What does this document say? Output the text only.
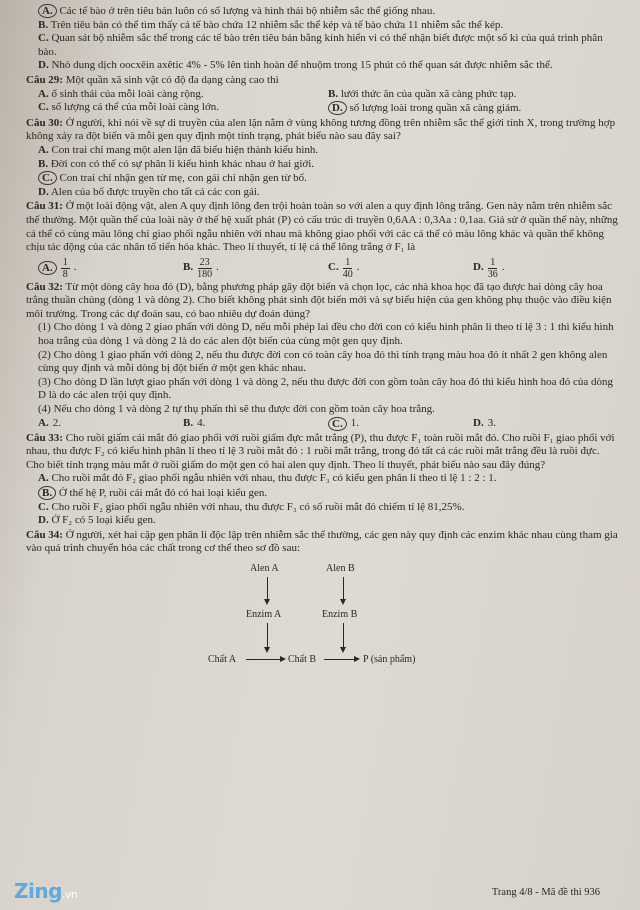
A. Các tế bào ở trên tiêu bản luôn có số lượng và hình thái bộ nhiễm sắc thể giống nhau.

B. Trên tiêu bản có thể tìm thấy cả tế bào chứa 12 nhiễm sắc thể kép và tế bào chứa 11 nhiễm sắc thể kép.

C. Quan sát bộ nhiễm sắc thể trong các tế bào trên tiêu bản bằng kính hiển vi có thể nhận biết được một số kì của quá trình phân bào.

D. Nhỏ dung dịch oocxêin axêtic 4% - 5% lên tinh hoàn để nhuộm trong 15 phút có thể quan sát được nhiễm sắc thể.

Câu 29: Một quần xã sinh vật có độ đa dạng càng cao thì

A. ổ sinh thái của mỗi loài càng rộng.	B. lưới thức ăn của quần xã càng phức tạp.
C. số lượng cá thể của mỗi loài càng lớn.	D. số lượng loài trong quần xã càng giảm.

Câu 30: Ở người, khi nói về sự di truyền của alen lặn nằm ở vùng không tương đồng trên nhiễm sắc thể giới tính X, trong trường hợp không xảy ra đột biến và mỗi gen quy định một tính trạng, phát biểu nào sau đây sai?

A. Con trai chỉ mang một alen lặn đã biểu hiện thành kiểu hình.

B. Đời con có thể có sự phân li kiểu hình khác nhau ở hai giới.

C. Con trai chỉ nhận gen từ mẹ, con gái chỉ nhận gen từ bố.

D. Alen của bố được truyền cho tất cả các con gái.

Câu 31: Ở một loài động vật, alen A quy định lông đen trội hoàn toàn so với alen a quy định lông trắng. Gen này nằm trên nhiễm sắc thể thường. Một quần thể của loài này ở thế hệ xuất phát (P) có cấu trúc di truyền 0,6AA : 0,3Aa : 0,1aa. Giả sử ở quần thể này, những cá thể có cùng màu lông chỉ giao phối ngẫu nhiên với nhau mà không giao phối với các cá thể có màu lông khác và quần thể không chịu tác động của các nhân tố tiến hóa khác. Theo lí thuyết, tỉ lệ cá thể lông trắng ở F₁ là

A. $\frac{1}{8}$ .	B. $\frac{23}{180}$ .	C. $\frac{1}{40}$ .	D. $\frac{1}{36}$ .

Câu 32: Từ một dòng cây hoa đỏ (D), bằng phương pháp gây đột biến và chọn lọc, các nhà khoa học đã tạo được hai dòng cây hoa trắng thuần chủng (dòng 1 và dòng 2). Cho biết không phát sinh đột biến mới và sự biểu hiện của gen không phụ thuộc vào điều kiện môi trường. Trong các dự đoán sau, có bao nhiêu dự đoán đúng?

(1) Cho dòng 1 và dòng 2 giao phấn với dòng D, nếu mỗi phép lai đều cho đời con có kiểu hình phân li theo tỉ lệ 3 : 1 thì kiểu hình hoa trắng của dòng 1 và dòng 2 là do các alen đột biến của cùng một gen quy định.

(2) Cho dòng 1 giao phấn với dòng 2, nếu thu được đời con có toàn cây hoa đỏ thì tính trạng màu hoa đỏ ít nhất 2 gen không alen cùng quy định và mỗi dòng bị đột biến ở một gen khác nhau.

(3) Cho dòng D lần lượt giao phấn với dòng 1 và dòng 2, nếu thu được đời con gồm toàn cây hoa đỏ thì kiểu hình hoa đỏ của dòng D là do các alen trội quy định.

(4) Nếu cho dòng 1 và dòng 2 tự thụ phấn thì sẽ thu được đời con gồm toàn cây hoa trắng.

A. 2.	B. 4.	C. 1.	D. 3.

Câu 33: Cho ruồi giấm cái mắt đỏ giao phối với ruồi giấm đực mắt trắng (P), thu được F₁ toàn ruồi mắt đỏ. Cho ruồi F₁ giao phối với nhau, thu được F₂ có kiểu hình phân li theo tỉ lệ 3 ruồi mắt đỏ : 1 ruồi mắt trắng, trong đó tất cả các ruồi mắt trắng đều là ruồi đực. Cho biết tính trạng màu mắt ở ruồi giấm do một gen có hai alen quy định. Theo lí thuyết, phát biểu nào sau đây đúng?

A. Cho ruồi mắt đỏ F₂ giao phối ngẫu nhiên với nhau, thu được F₃ có kiểu gen phân li theo tỉ lệ 1 : 2 : 1.

B. Ở thế hệ P, ruồi cái mắt đỏ có hai loại kiểu gen.

C. Cho ruồi F₂ giao phối ngẫu nhiên với nhau, thu được F₃ có số ruồi mắt đỏ chiếm tỉ lệ 81,25%.

D. Ở F₂ có 5 loại kiểu gen.

Câu 34: Ở người, xét hai cặp gen phân li độc lập trên nhiễm sắc thể thường, các gen này quy định các enzim khác nhau cùng tham gia vào quá trình chuyển hóa các chất trong cơ thể theo sơ đồ sau:

Alen A	Alen B
Enzim A	Enzim B
Chất A	Chất B	P (sản phẩm)
Zing.vn	Trang 4/8 - Mã đề thi 936
